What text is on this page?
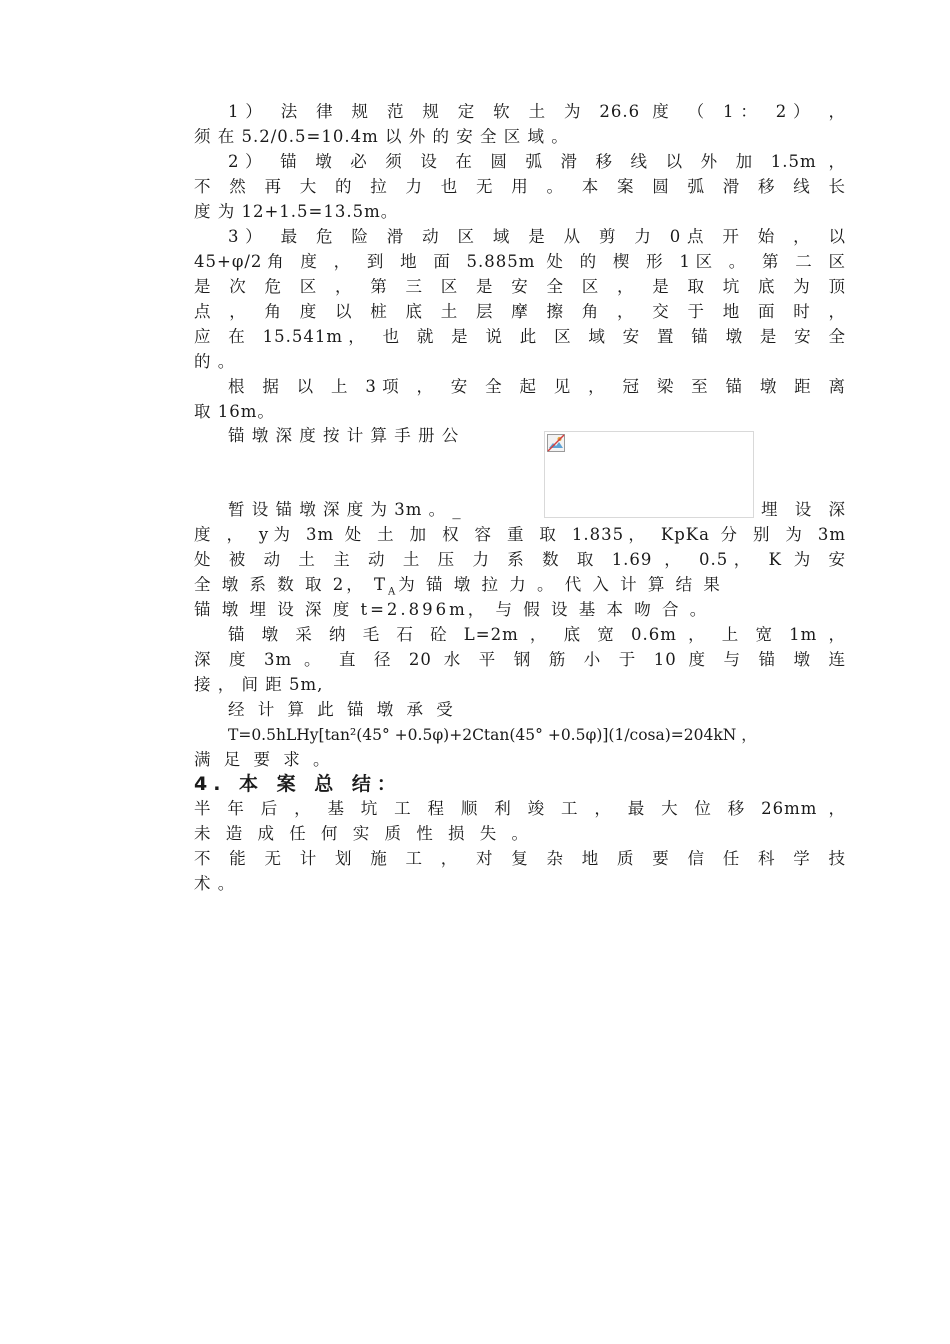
1） 法 律 规 范 规 定 软 土 为 26.6 度 （ 1： 2） ，
须 在 5.2/0.5=10.4m 以 外 的 安 全 区 域 。
2） 锚 墩 必 须 设 在 圆 弧 滑 移 线 以 外 加 1.5m ，
不 然 再 大 的 拉 力 也 无 用 。 本 案 圆 弧 滑 移 线 长
度 为 12+1.5=13.5m。
3） 最 危 险 滑 动 区 域 是 从 剪 力 0点 开 始 ， 以
45+φ/2角 度 ， 到 地 面 5.885m 处 的 楔 形 1区 。 第 二 区
是 次 危 区 ， 第 三 区 是 安 全 区 ， 是 取 坑 底 为 顶
点 ， 角 度 以 桩 底 土 层 摩 擦 角 ， 交 于 地 面 时 ，
应 在 15.541m， 也 就 是 说 此 区 域 安 置 锚 墩 是 安 全
的 。
根 据 以 上 3项 ， 安 全 起 见 ， 冠 梁 至 锚 墩 距 离
取 16m。
锚 墩 深 度 按 计 算 手 册 公
暂 设 锚 墩 深 度 为 3m 。 _	埋 设 深
度 ， y为 3m 处 土 加 权 容 重 取 1.835， KpKa 分 别 为 3m
处 被 动 土 主 动 土 压 力 系 数 取 1.69 ， 0.5， K 为 安
全 墩 系 数 取 2， $T_A$为 锚 墩 拉 力 。 代 入 计 算 结 果
锚 墩 埋 设 深 度 t=2.896m， 与 假 设 基 本 吻 合 。
锚 墩 采 纳 毛 石 砼 L=2m ， 底 宽 0.6m ， 上 宽 1m ，
深 度 3m 。 直 径 20 水 平 钢 筋 小 于 10 度 与 锚 墩 连
接 ， 间 距 5m,
经 计 算 此 锚 墩 承 受
T=0.5hLHy[tan²(45° +0.5φ)+2Ctan(45° +0.5φ)](1/cosa)=204kN ，
满 足 要 求 。
4. 本 案 总 结：
半 年 后 ， 基 坑 工 程 顺 利 竣 工 ， 最 大 位 移 26mm ，
未 造 成 任 何 实 质 性 损 失 。
不 能 无 计 划 施 工 ， 对 复 杂 地 质 要 信 任 科 学 技
术 。
